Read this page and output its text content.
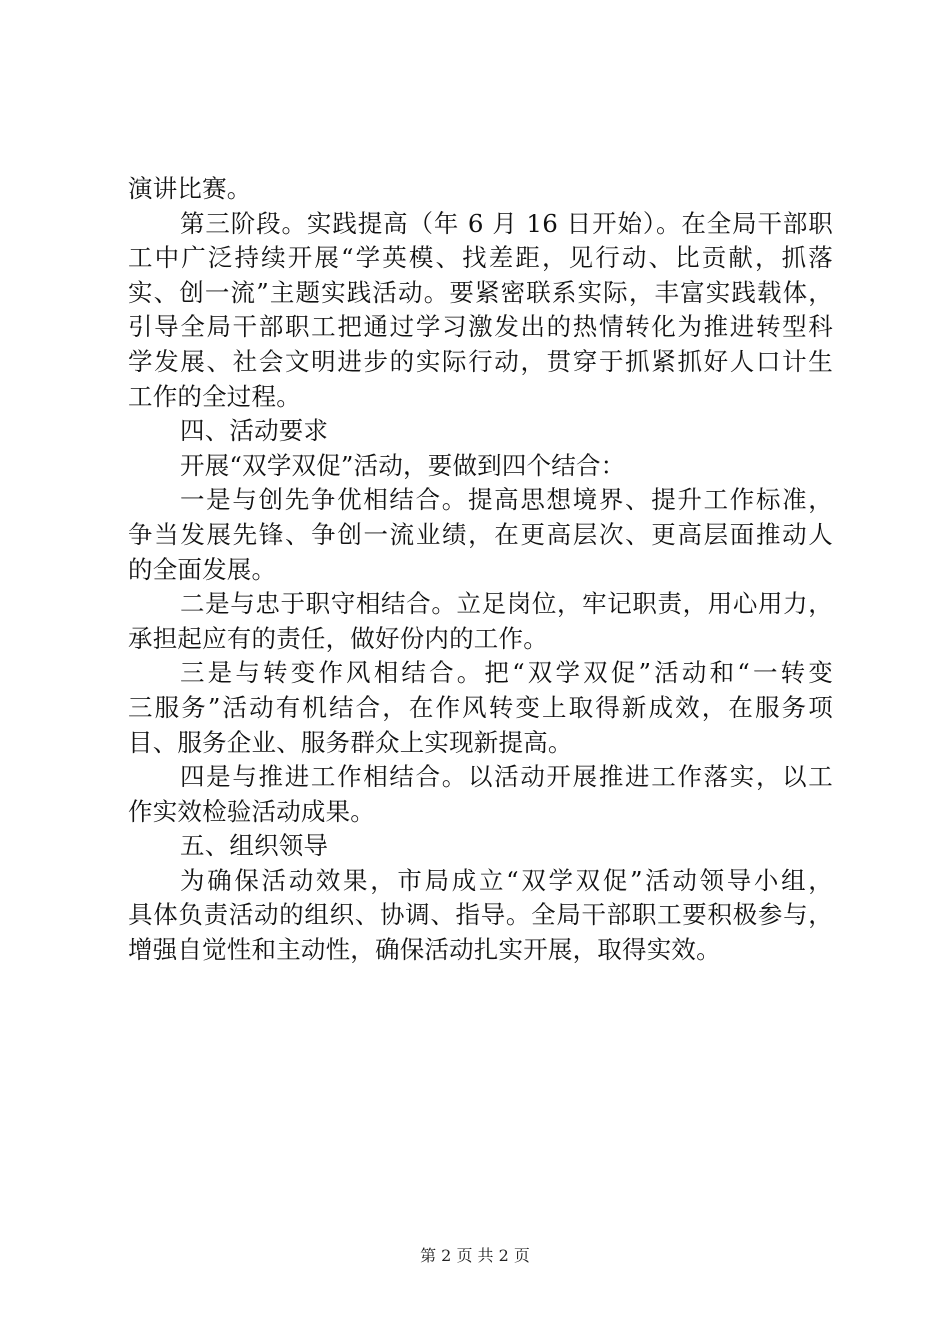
演讲比赛。
第三阶段。实践提高（年 6 月 16 日开始）。在全局干部职
工中广泛持续开展“学英模、找差距，见行动、比贡献，抓落
实、创一流”主题实践活动。要紧密联系实际，丰富实践载体，
引导全局干部职工把通过学习激发出的热情转化为推进转型科
学发展、社会文明进步的实际行动，贯穿于抓紧抓好人口计生
工作的全过程。
四、活动要求
开展“双学双促”活动，要做到四个结合：
一是与创先争优相结合。提高思想境界、提升工作标准，
争当发展先锋、争创一流业绩，在更高层次、更高层面推动人
的全面发展。
二是与忠于职守相结合。立足岗位，牢记职责，用心用力，
承担起应有的责任，做好份内的工作。
三是与转变作风相结合。把“双学双促”活动和“一转变
三服务”活动有机结合，在作风转变上取得新成效，在服务项
目、服务企业、服务群众上实现新提高。
四是与推进工作相结合。以活动开展推进工作落实，以工
作实效检验活动成果。
五、组织领导
为确保活动效果，市局成立“双学双促”活动领导小组，
具体负责活动的组织、协调、指导。全局干部职工要积极参与，
增强自觉性和主动性，确保活动扎实开展，取得实效。
第 2 页 共 2 页
